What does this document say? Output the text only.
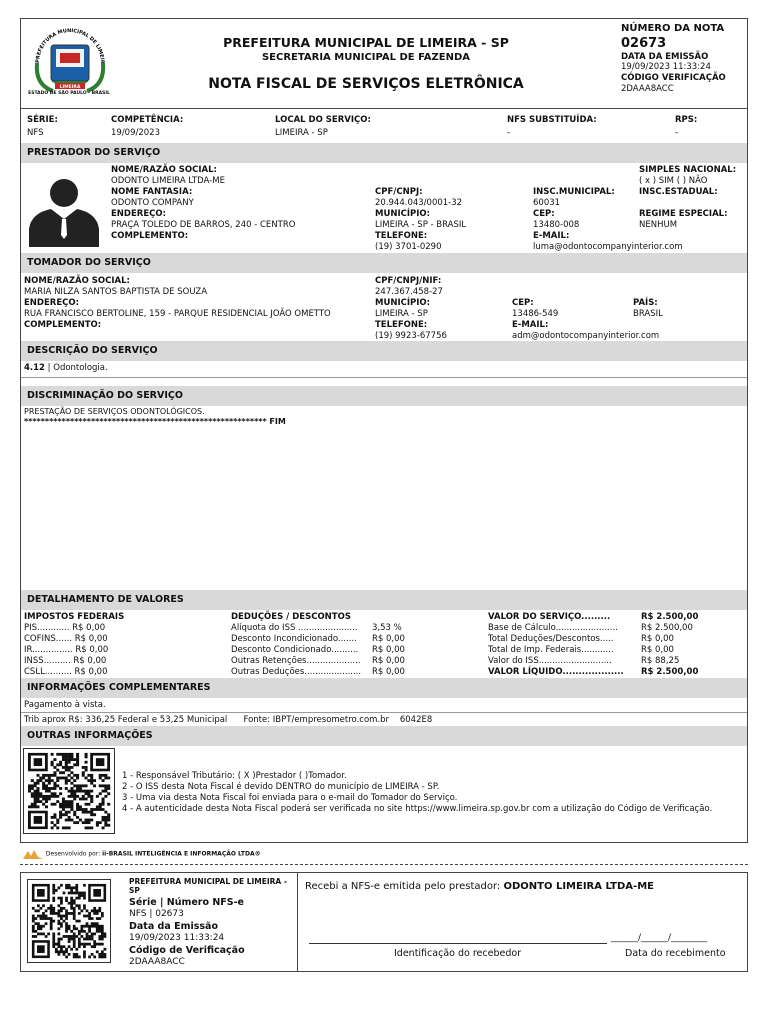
PREFEITURA MUNICIPAL DE LIMEIR
LIMEIRA
ESTADO DE SÃO PAULO - BRASIL
PREFEITURA MUNICIPAL DE LIMEIRA - SP
SECRETARIA MUNICIPAL DE FAZENDA
NOTA FISCAL DE SERVIÇOS ELETRÔNICA
NÚMERO DA NOTA
02673
DATA DA EMISSÃO
19/09/2023 11:33:24
CÓDIGO VERIFICAÇÃO
2DAAA8ACC
SÉRIE:
NFS
COMPETÊNCIA:
19/09/2023
LOCAL DO SERVIÇO:
LIMEIRA - SP
NFS SUBSTITUÍDA:
-
RPS:
-
PRESTADOR DO SERVIÇO
NOME/RAZÃO SOCIAL:
ODONTO LIMEIRA LTDA-ME
NOME FANTASIA:
ODONTO COMPANY
ENDEREÇO:
PRAÇA TOLEDO DE BARROS, 240 - CENTRO
COMPLEMENTO:
CPF/CNPJ:
20.944.043/0001-32
MUNICÍPIO:
LIMEIRA - SP - BRASIL
TELEFONE:
(19) 3701-0290
INSC.MUNICIPAL:
60031
CEP:
13480-008
E-MAIL:
luma@odontocompanyinterior.com
SIMPLES NACIONAL:
( x ) SIM ( ) NÃO
INSC.ESTADUAL:
REGIME ESPECIAL:
NENHUM
TOMADOR DO SERVIÇO
NOME/RAZÃO SOCIAL:
MARIA NILZA SANTOS BAPTISTA DE SOUZA
ENDEREÇO:
RUA FRANCISCO BERTOLINE, 159 - PARQUE RESIDENCIAL JOÃO OMETTO
COMPLEMENTO:
CPF/CNPJ/NIF:
247.367.458-27
MUNICÍPIO:
LIMEIRA - SP
TELEFONE:
(19) 9923-67756
CEP:
13486-549
E-MAIL:
adm@odontocompanyinterior.com
PAÍS:
BRASIL
DESCRIÇÃO DO SERVIÇO
4.12 | Odontologia.
DISCRIMINAÇÃO DO SERVIÇO
PRESTAÇÃO DE SERVIÇOS ODONTOLÓGICOS.
********************************************************** FIM
DETALHAMENTO DE VALORES
IMPOSTOS FEDERAIS
PIS............ R$ 0,00
COFINS...... R$ 0,00
IR............... R$ 0,00
INSS.......... R$ 0,00
CSLL.......... R$ 0,00
DEDUÇÕES / DESCONTOS
Alíquota do ISS ...................... 3,53 %
Desconto Incondicionado....... R$ 0,00
Desconto Condicionado.......... R$ 0,00
Outras Retenções.................... R$ 0,00
Outras Deduções..................... R$ 0,00
VALOR DO SERVIÇO.........	R$ 2.500,00
Base de Cálculo.......................	R$ 2.500,00
Total Deduções/Descontos.....	R$ 0,00
Total de Imp. Federais............	R$ 0,00
Valor do ISS...........................	R$ 88,25
VALOR LÍQUIDO................... R$ 2.500,00
INFORMAÇÕES COMPLEMENTARES
Pagamento à vista.
Trib aprox R$: 336,25 Federal e 53,25 Municipal      Fonte: IBPT/empresometro.com.br    6042E8
OUTRAS INFORMAÇÕES
1 - Responsável Tributário: ( X )Prestador ( )Tomador.
2 - O ISS desta Nota Fiscal é devido DENTRO do município de LIMEIRA - SP.
3 - Uma via desta Nota Fiscal foi enviada para o e-mail do Tomador do Serviço.
4 - A autenticidade desta Nota Fiscal poderá ser verificada no site https://www.limeira.sp.gov.br com a utilização do Código de Verificação.
Desenvolvido por: ii-BRASIL INTELIGÊNCIA E INFORMAÇÃO LTDA®
PREFEITURA MUNICIPAL DE LIMEIRA - SP
Série | Número NFS-e
NFS | 02673
Data da Emissão
19/09/2023 11:33:24
Código de Verificação
2DAAA8ACC
Recebi a NFS-e emitida pelo prestador: ODONTO LIMEIRA LTDA-ME
______/______/________
Identificação do recebedor	Data do recebimento
